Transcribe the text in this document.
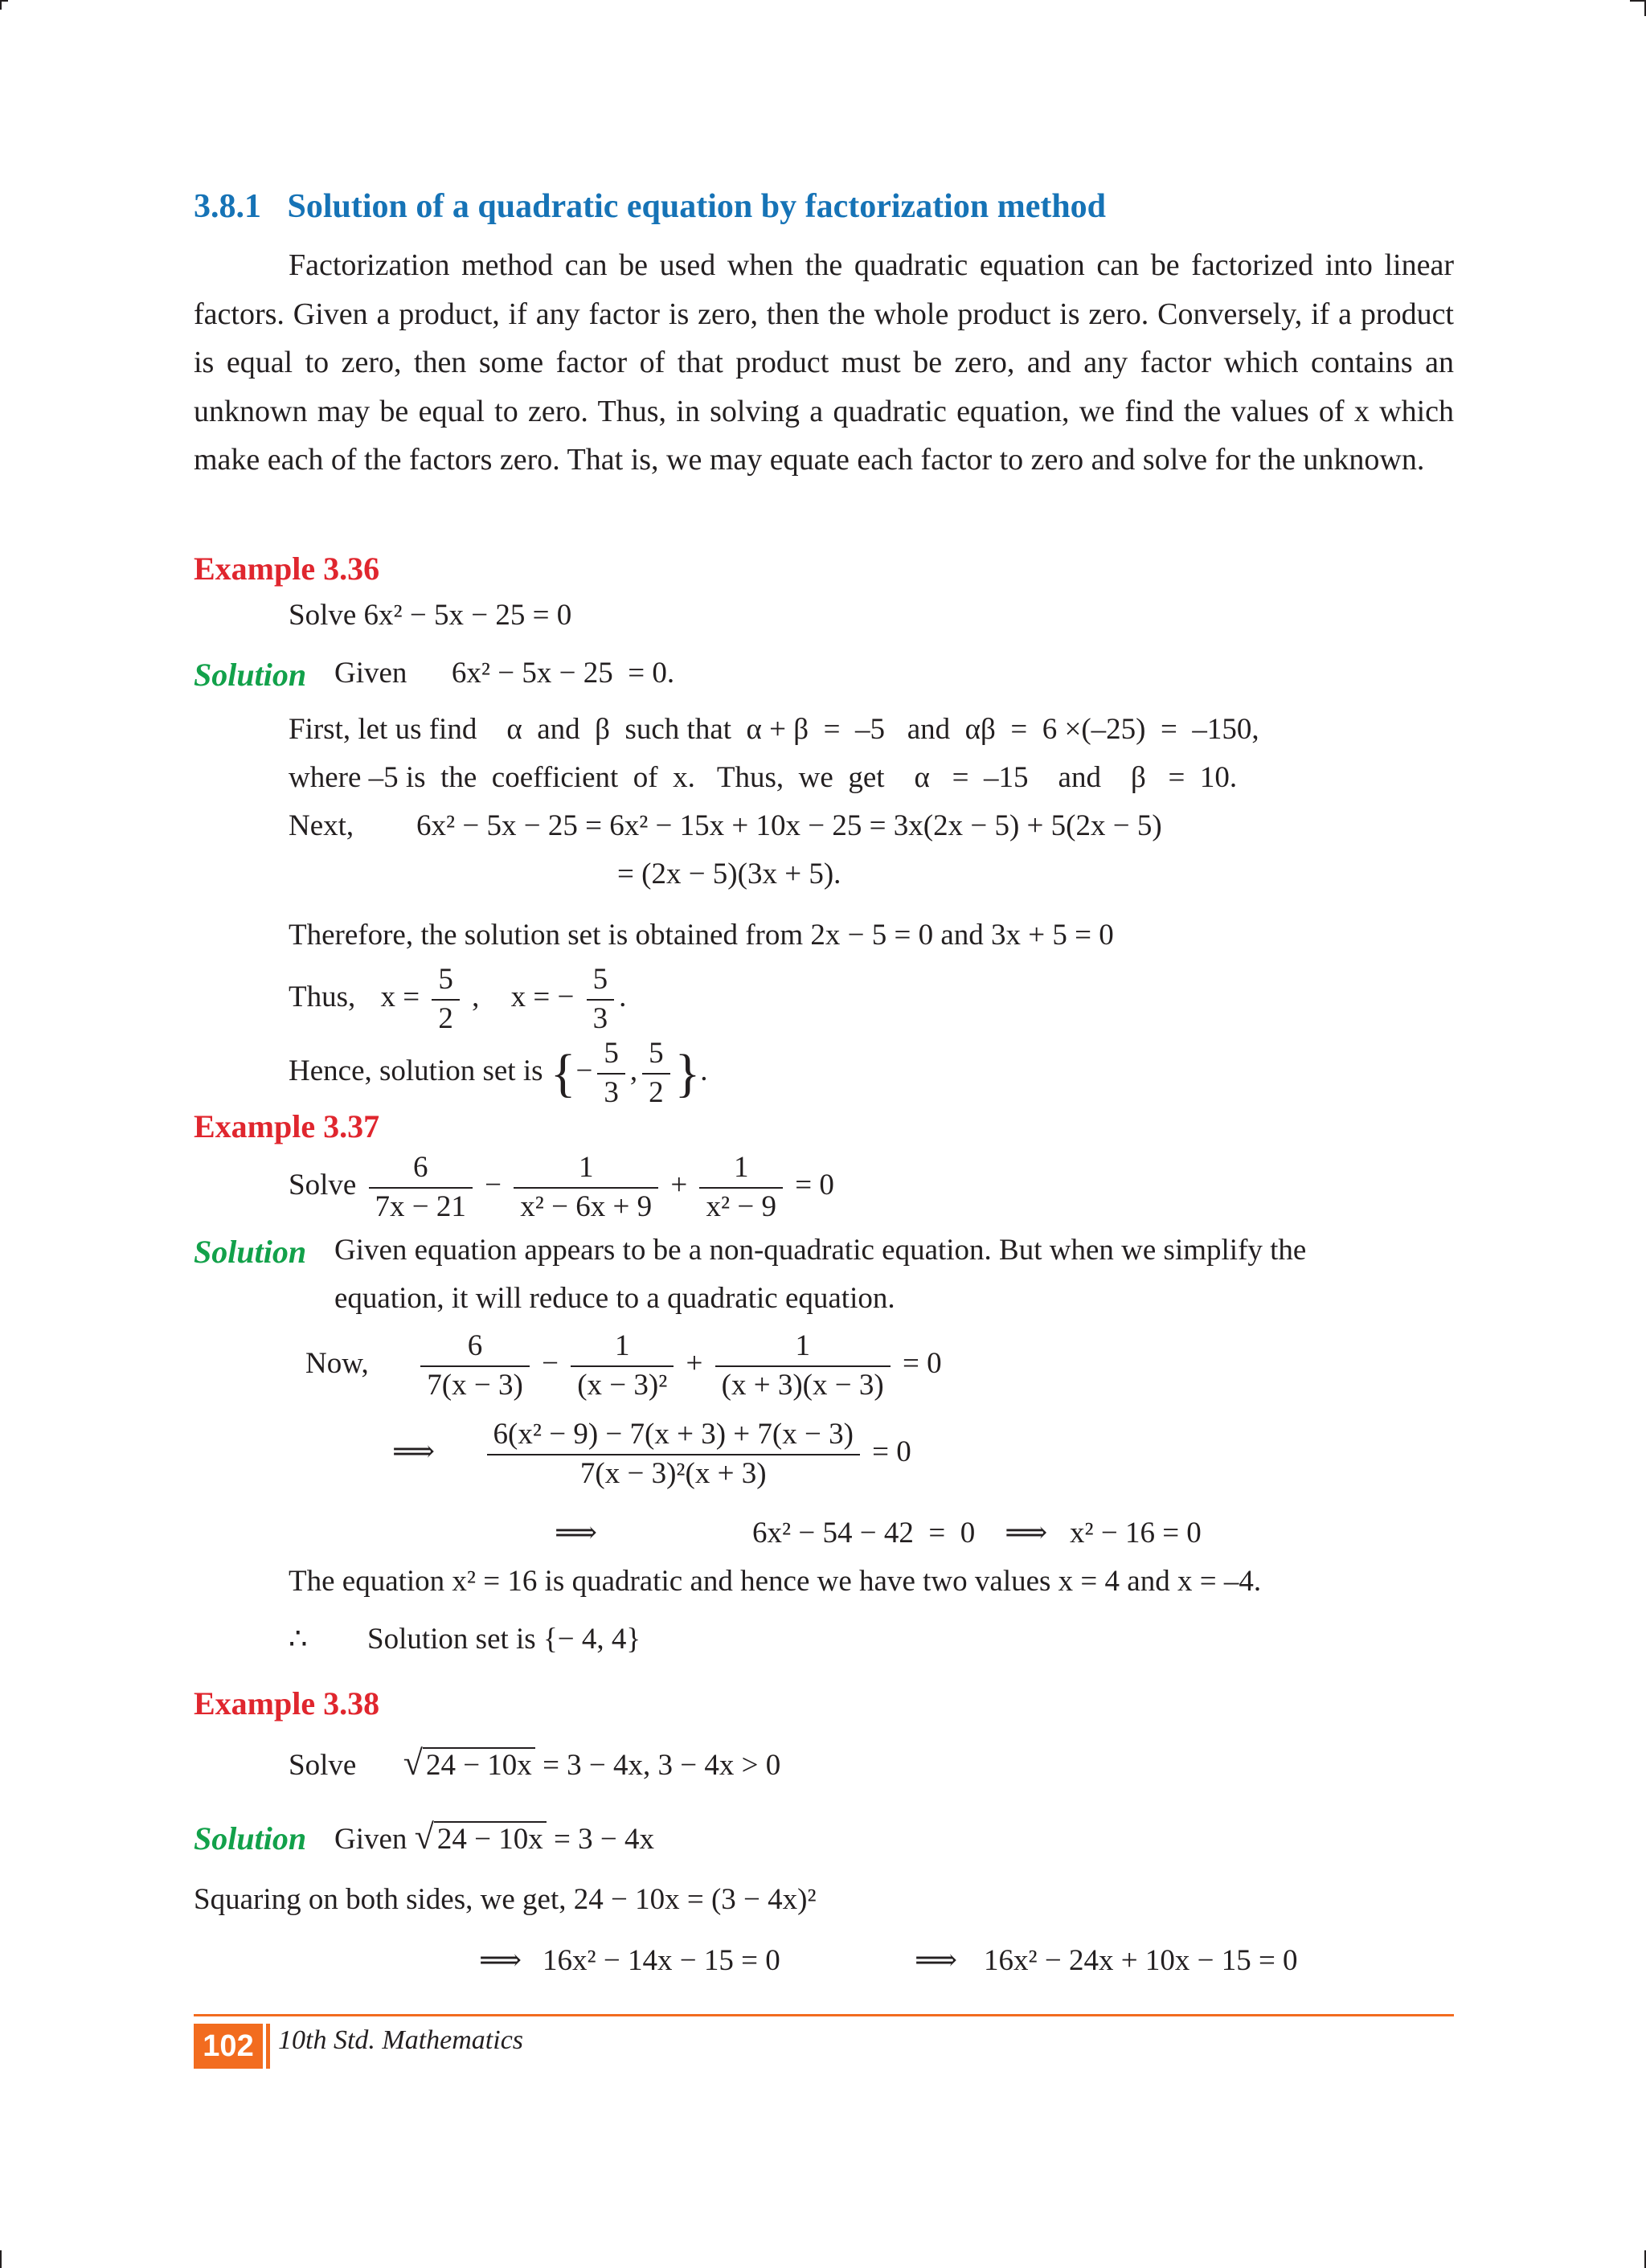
3.8.1 Solution of a quadratic equation by factorization method

Factorization method can be used when the quadratic equation can be factorized into linear factors. Given a product, if any factor is zero, then the whole product is zero. Conversely, if a product is equal to zero, then some factor of that product must be zero, and any factor which contains an unknown may be equal to zero. Thus, in solving a quadratic equation, we find the values of x which make each of the factors zero. That is, we may equate each factor to zero and solve for the unknown.

Example 3.36
Solve 6x² − 5x − 25 = 0
Solution Given      6x² − 5x − 25  = 0.
First, let us find    α  and  β  such that  α + β  =  –5   and  αβ  =  6 ×(–25)  =  –150,
where –5 is  the  coefficient  of  x.   Thus,  we  get    α   =  –15    and    β   =  10.
Next, 6x² − 5x − 25 = 6x² − 15x + 10x − 25 = 3x(2x − 5) + 5(2x − 5)
= (2x − 5)(3x + 5).
Therefore, the solution set is obtained from 2x − 5 = 0 and 3x + 5 = 0
Thus, $x = \frac{5}{2}$ , x = − $\frac{5}{3}$ .
Hence, solution set is {− $\frac{5}{3}$ , $\frac{5}{2}$ }.
Example 3.37
Solve $\frac{6}{7x - 21} - \frac{1}{\text{x² − 6x + 9}} + \frac{1}{\text{x² − 9}} = 0$
Solution Given equation appears to be a non-quadratic equation. But when we simplify the
equation, it will reduce to a quadratic equation.
Now, $\frac{6}{7(x - 3)} - \frac{1}{\text{(x − 3)²}} + \frac{1}{(x + 3)(x - 3)} = 0$
⟹ $\frac{\text{6(x² − 9) − 7(x + 3) + 7(x − 3)}}{\text{7(x − 3)²(x + 3)}} = 0$
⟹	6x² − 54 − 42  =  0    ⟹   x² − 16 = 0
The equation x² = 16 is quadratic and hence we have two values x = 4 and x = –4.
∴ Solution set is {− 4, 4}
Example 3.38
Solve √ 24 − 10x = 3 − 4x, 3 − 4x > 0
Solution Given √ 24 − 10x = 3 − 4x
Squaring on both sides, we get, 24 − 10x = (3 − 4x)²
⟹ 16x² − 14x − 15 = 0	⟹ 16x² − 24x + 10x − 15 = 0
102 10th Std. Mathematics
